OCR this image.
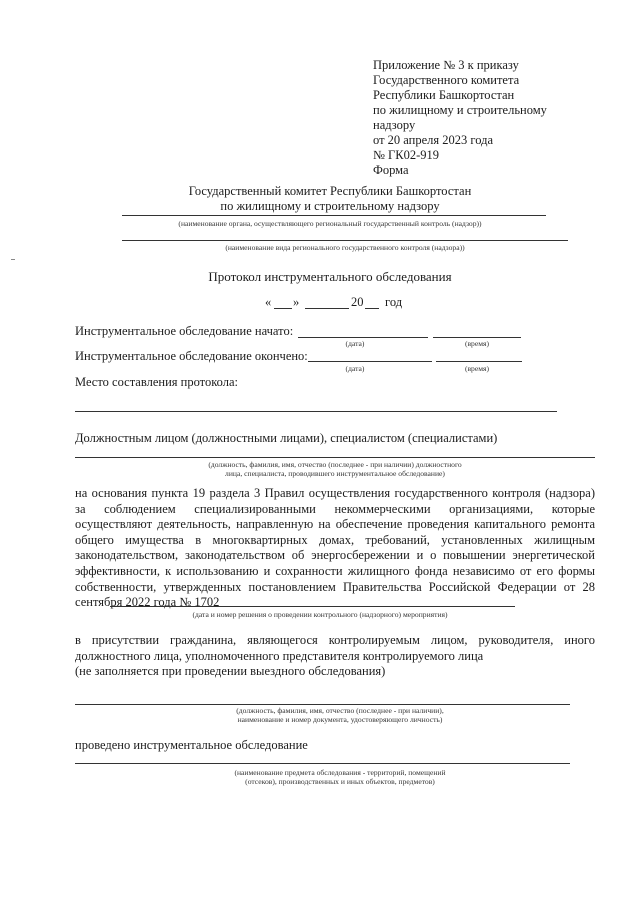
Приложение № 3 к приказу
Государственного комитета
Республики Башкортостан
по жилищному и строительному
надзору
от 20 апреля 2023 года
№ ГК02-919
Форма
Государственный комитет Республики Башкортостан
по жилищному и строительному надзору
(наименование органа, осуществляющего региональный государственный контроль (надзор))
(наименование вида регионального государственного контроля (надзора))
Протокол инструментального обследования
« »	20 год
Инструментальное обследование начато:
(дата)	(время)
Инструментальное обследование окончено:
(дата)	(время)
Место составления протокола:
Должностным лицом (должностными лицами), специалистом (специалистами)
(должность, фамилия, имя, отчество (последнее - при наличии) должностного
лица, специалиста, проводившего инструментальное обследование)
на основания пункта 19 раздела 3 Правил осуществления государственного контроля (надзора) за соблюдением специализированными некоммерческими организациями, которые осуществляют деятельность, направленную на обеспечение проведения капитального ремонта общего имущества в многоквартирных домах, требований, установленных жилищным законодательством, законодательством об энергосбережении и о повышении энергетической эффективности, к использованию и сохранности жилищного фонда независимо от его формы собственности, утвержденных постановлением Правительства Российской Федерации от 28 сентября 2022 года № 1702
(дата и номер решения о проведении контрольного (надзорного) мероприятия)
в присутствии гражданина, являющегося контролируемым лицом, руководителя, иного должностного лица, уполномоченного представителя контролируемого лица
(не заполняется при проведении выездного обследования)
(должность, фамилия, имя, отчество (последнее - при наличии),
наименование и номер документа, удостоверяющего личность)
проведено инструментальное обследование
(наименование предмета обследования - территорий, помещений
(отсеков), производственных и иных объектов, предметов)
